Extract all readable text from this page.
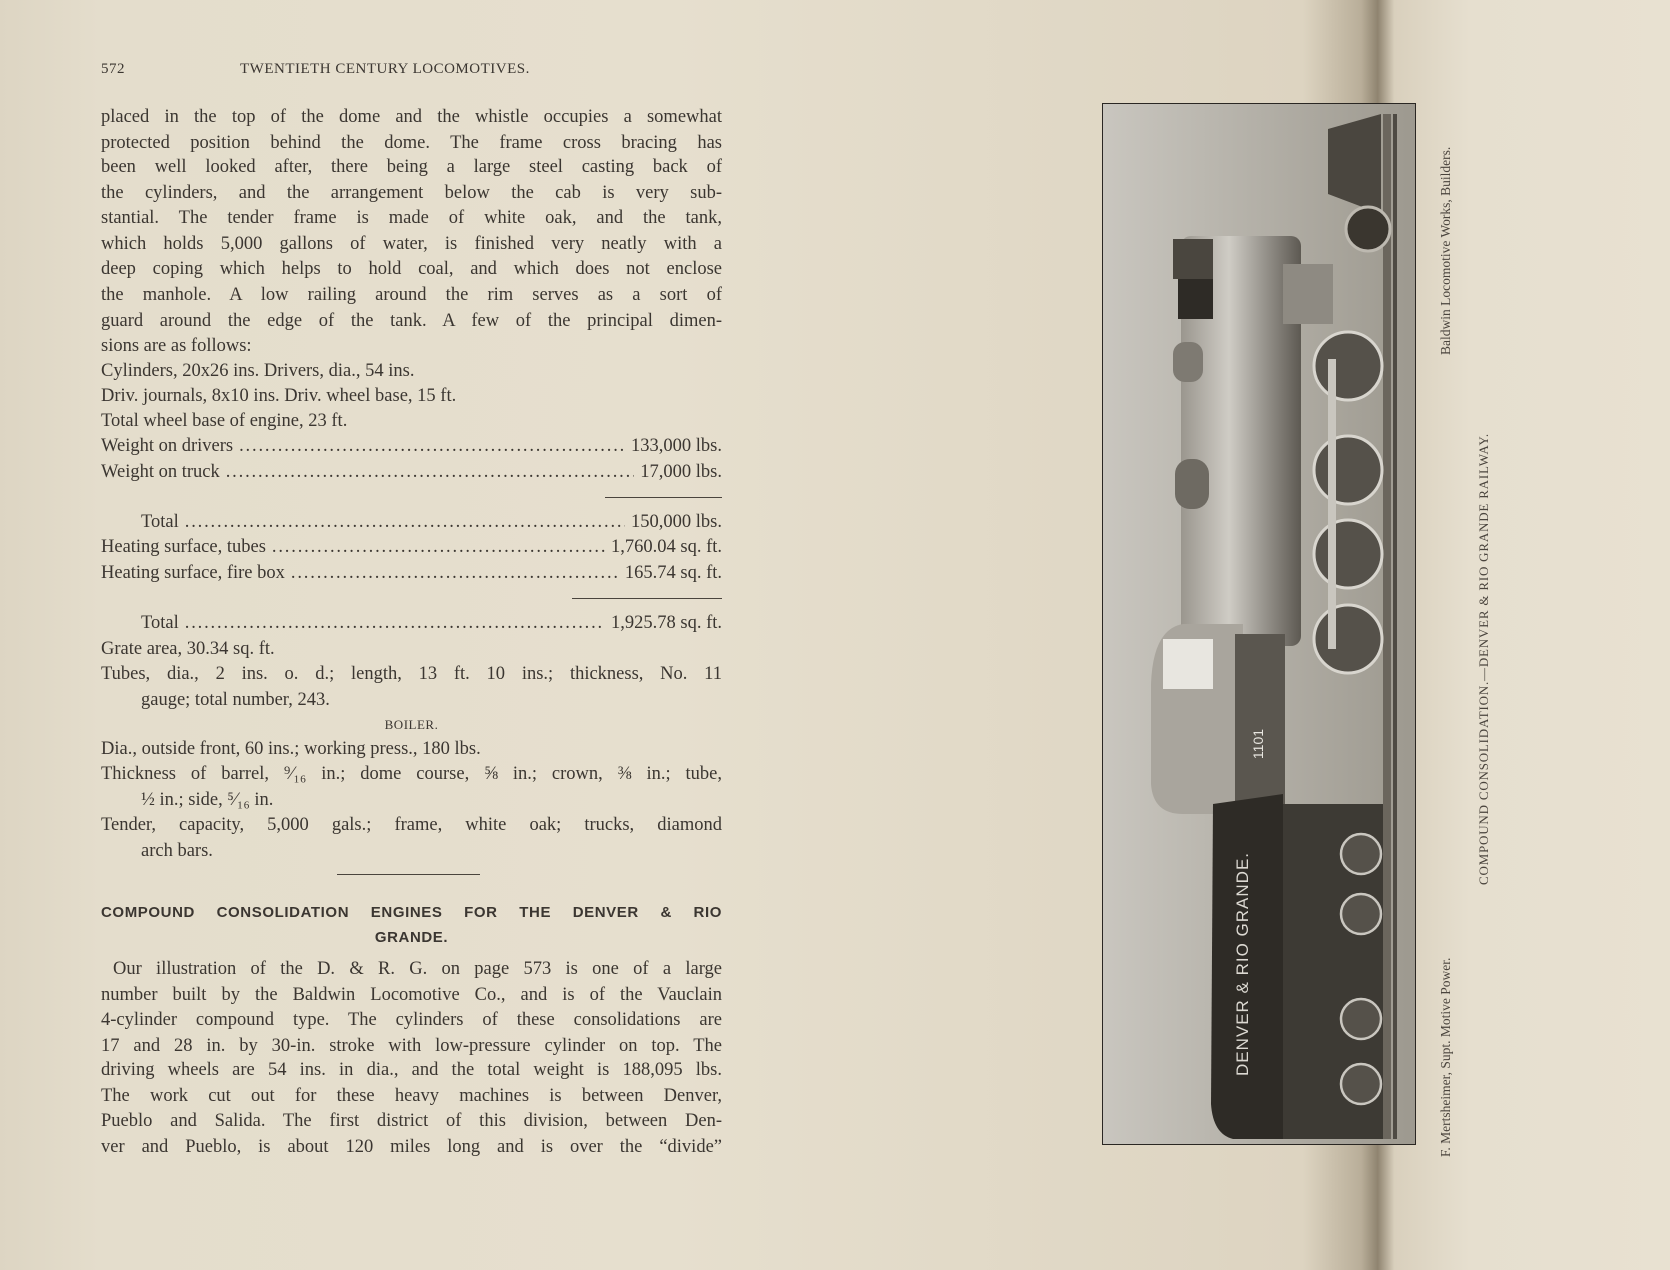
572	TWENTIETH CENTURY LOCOMOTIVES.
placed in the top of the dome and the whistle occupies a somewhat
protected position behind the dome. The frame cross bracing has
been well looked after, there being a large steel casting back of
the cylinders, and the arrangement below the cab is very sub-
stantial. The tender frame is made of white oak, and the tank,
which holds 5,000 gallons of water, is finished very neatly with a
deep coping which helps to hold coal, and which does not enclose
the manhole. A low railing around the rim serves as a sort of
guard around the edge of the tank. A few of the principal dimen-
sions are as follows:
Cylinders, 20x26 ins. Drivers, dia., 54 ins.
Driv. journals, 8x10 ins. Driv. wheel base, 15 ft.
Total wheel base of engine, 23 ft.
Weight on drivers . . .	133,000 lbs.
Weight on truck . . .	17,000 lbs.
Total . . .	150,000 lbs.
Heating surface, tubes . . .	1,760.04 sq. ft.
Heating surface, fire box . . .	165.74 sq. ft.
Total . . .	1,925.78 sq. ft.
Grate area, 30.34 sq. ft.
Tubes, dia., 2 ins. o. d.; length, 13 ft. 10 ins.; thickness, No. 11
gauge; total number, 243.
BOILER.
Dia., outside front, 60 ins.; working press., 180 lbs.
Thickness of barrel, ⁹⁄₁₆ in.; dome course, ⅝ in.; crown, ⅜ in.; tube,
½ in.; side, ⁵⁄₁₆ in.
Tender, capacity, 5,000 gals.; frame, white oak; trucks, diamond
arch bars.
COMPOUND CONSOLIDATION ENGINES FOR THE DENVER & RIO
GRANDE.
Our illustration of the D. & R. G. on page 573 is one of a large
number built by the Baldwin Locomotive Co., and is of the Vauclain
4-cylinder compound type. The cylinders of these consolidations are
17 and 28 in. by 30-in. stroke with low-pressure cylinder on top. The
driving wheels are 54 ins. in dia., and the total weight is 188,095 lbs.
The work cut out for these heavy machines is between Denver,
Pueblo and Salida. The first district of this division, between Den-
ver and Pueblo, is about 120 miles long and is over the “divide”
1101
DENVER & RIO GRANDE.
Baldwin Locomotive Works, Builders.
F. Mertsheimer, Supt. Motive Power.
COMPOUND CONSOLIDATION.—DENVER & RIO GRANDE RAILWAY.
